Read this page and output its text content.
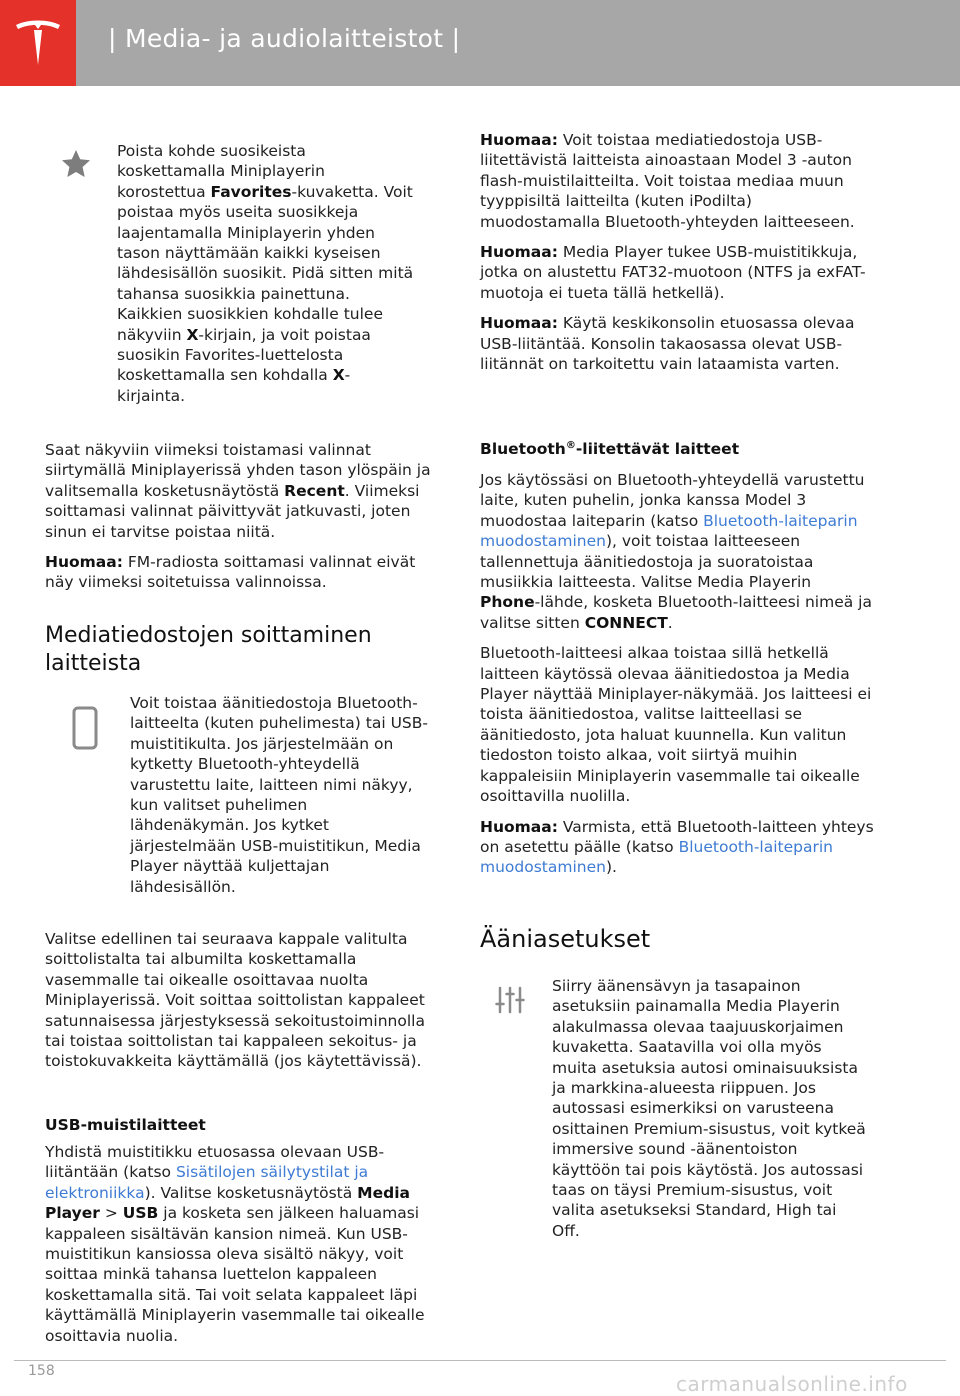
| Media- ja audiolaitteistot |
Poista kohde suosikeista koskettamalla Miniplayerin korostettua Favorites-kuvaketta. Voit poistaa myös useita suosikkeja laajentamalla Miniplayerin yhden tason näyttämään kaikki kyseisen lähdesisällön suosikit. Pidä sitten mitä tahansa suosikkia painettuna. Kaikkien suosikkien kohdalle tulee näkyviin X-kirjain, ja voit poistaa suosikin Favorites-luettelosta koskettamalla sen kohdalla X-kirjainta.

Saat näkyviin viimeksi toistamasi valinnat siirtymällä Miniplayerissä yhden tason ylöspäin ja valitsemalla kosketusnäytöstä Recent. Viimeksi soittamasi valinnat päivittyvät jatkuvasti, joten sinun ei tarvitse poistaa niitä.

Huomaa: FM-radiosta soittamasi valinnat eivät näy viimeksi soitetuissa valinnoissa.

Mediatiedostojen soittaminen laitteista
Voit toistaa äänitiedostoja Bluetooth-laitteelta (kuten puhelimesta) tai USB-muistitikulta. Jos järjestelmään on kytketty Bluetooth-yhteydellä varustettu laite, laitteen nimi näkyy, kun valitset puhelimen lähdenäkymän. Jos kytket järjestelmään USB-muistitikun, Media Player näyttää kuljettajan lähdesisällön.

Valitse edellinen tai seuraava kappale valitulta soittolistalta tai albumilta koskettamalla vasemmalle tai oikealle osoittavaa nuolta Miniplayerissä. Voit soittaa soittolistan kappaleet satunnaisessa järjestyksessä sekoitustoiminnolla tai toistaa soittolistan tai kappaleen sekoitus- ja toistokuvakkeita käyttämällä (jos käytettävissä).

USB-muistilaitteet

Yhdistä muistitikku etuosassa olevaan USB-liitäntään (katso Sisätilojen säilytystilat ja elektroniikka). Valitse kosketusnäytöstä Media Player > USB ja kosketa sen jälkeen haluamasi kappaleen sisältävän kansion nimeä. Kun USB-muistitikun kansiossa oleva sisältö näkyy, voit soittaa minkä tahansa luettelon kappaleen koskettamalla sitä. Tai voit selata kappaleet läpi käyttämällä Miniplayerin vasemmalle tai oikealle osoittavia nuolia.

Huomaa: Voit toistaa mediatiedostoja USB-liitettävistä laitteista ainoastaan Model 3 -auton flash-muistilaitteilta. Voit toistaa mediaa muun tyyppisiltä laitteilta (kuten iPodilta) muodostamalla Bluetooth-yhteyden laitteeseen.

Huomaa: Media Player tukee USB-muistitikkuja, jotka on alustettu FAT32-muotoon (NTFS ja exFAT-muotoja ei tueta tällä hetkellä).

Huomaa: Käytä keskikonsolin etuosassa olevaa USB-liitäntää. Konsolin takaosassa olevat USB-liitännät on tarkoitettu vain lataamista varten.

Bluetooth®-liitettävät laitteet

Jos käytössäsi on Bluetooth-yhteydellä varustettu laite, kuten puhelin, jonka kanssa Model 3 muodostaa laiteparin (katso Bluetooth-laiteparin muodostaminen), voit toistaa laitteeseen tallennettuja äänitiedostoja ja suoratoistaa musiikkia laitteesta. Valitse Media Playerin Phone-lähde, kosketa Bluetooth-laitteesi nimeä ja valitse sitten CONNECT.

Bluetooth-laitteesi alkaa toistaa sillä hetkellä laitteen käytössä olevaa äänitiedostoa ja Media Player näyttää Miniplayer-näkymää. Jos laitteesi ei toista äänitiedostoa, valitse laitteellasi se äänitiedosto, jota haluat kuunnella. Kun valitun tiedoston toisto alkaa, voit siirtyä muihin kappaleisiin Miniplayerin vasemmalle tai oikealle osoittavilla nuolilla.

Huomaa: Varmista, että Bluetooth-laitteen yhteys on asetettu päälle (katso Bluetooth-laiteparin muodostaminen).

Ääniasetukset
Siirry äänensävyn ja tasapainon asetuksiin painamalla Media Playerin alakulmassa olevaa taajuuskorjaimen kuvaketta. Saatavilla voi olla myös muita asetuksia autosi ominaisuuksista ja markkina-alueesta riippuen. Jos autossasi esimerkiksi on varusteena osittainen Premium-sisustus, voit kytkeä immersive sound -äänentoiston käyttöön tai pois käytöstä. Jos autossasi taas on täysi Premium-sisustus, voit valita asetukseksi Standard, High tai Off.
158
carmanualsonline.info
